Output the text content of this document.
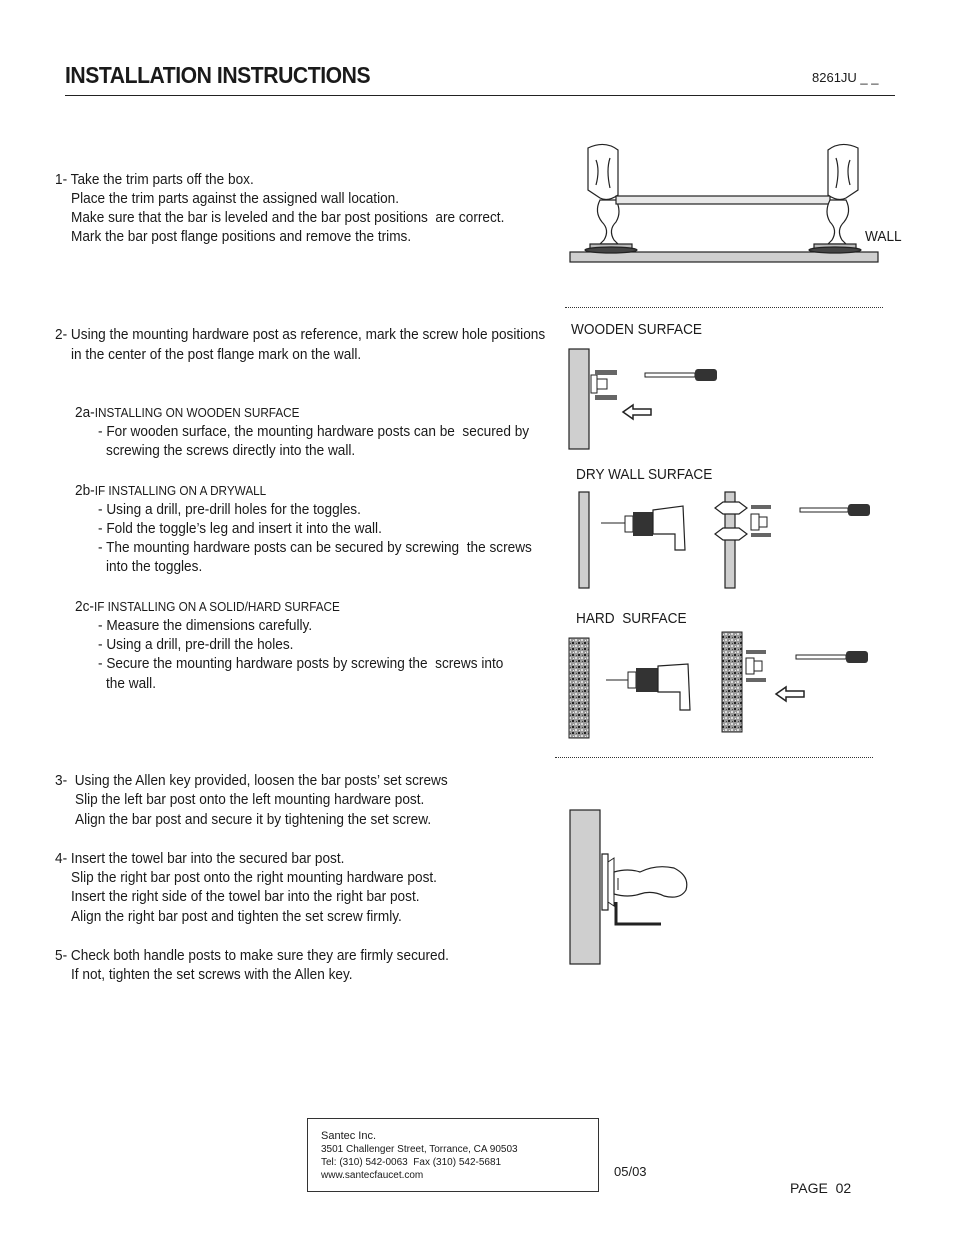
INSTALLATION INSTRUCTIONS	8261JU _ _
1- Take the trim parts off the box.
Place the trim parts against the assigned wall location.
Make sure that the bar is leveled and the bar post positions  are correct.
Mark the bar post flange positions and remove the trims.
2- Using the mounting hardware post as reference, mark the screw hole positions
in the center of the post flange mark on the wall.
2a-INSTALLING ON WOODEN SURFACE
- For wooden surface, the mounting hardware posts can be  secured by
screwing the screws directly into the wall.
2b-IF INSTALLING ON A DRYWALL
- Using a drill, pre-drill holes for the toggles.
- Fold the toggle’s leg and insert it into the wall.
- The mounting hardware posts can be secured by screwing  the screws
into the toggles.
2c-IF INSTALLING ON A SOLID/HARD SURFACE
- Measure the dimensions carefully.
- Using a drill, pre-drill the holes.
- Secure the mounting hardware posts by screwing the  screws into
the wall.
3-  Using the Allen key provided, loosen the bar posts’ set screws
Slip the left bar post onto the left mounting hardware post.
Align the bar post and secure it by tightening the set screw.
4- Insert the towel bar into the secured bar post.
Slip the right bar post onto the right mounting hardware post.
Insert the right side of the towel bar into the right bar post.
Align the right bar post and tighten the set screw firmly.
5- Check both handle posts to make sure they are firmly secured.
If not, tighten the set screws with the Allen key.
WALL
WOODEN SURFACE
DRY WALL SURFACE
HARD  SURFACE
Santec Inc.
3501 Challenger Street, Torrance, CA 90503
Tel: (310) 542-0063  Fax (310) 542-5681
www.santecfaucet.com	05/03
PAGE  02
